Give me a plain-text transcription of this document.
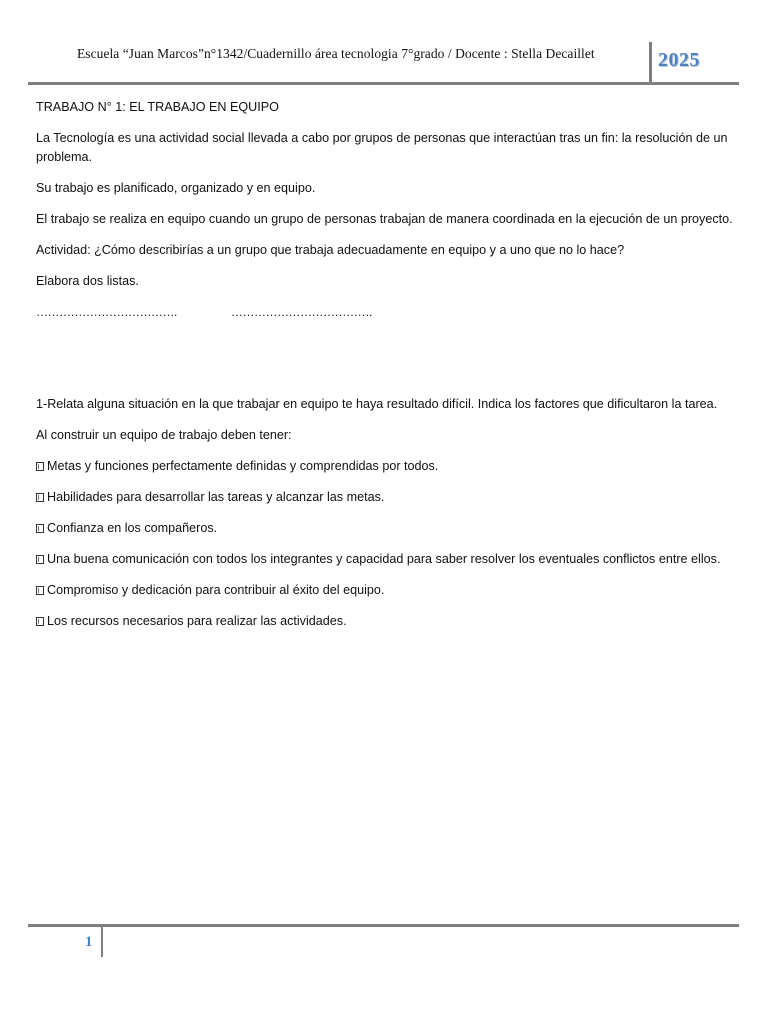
Escuela “Juan Marcos”n°1342/Cuadernillo área tecnologia 7°grado / Docente : Stella Decaillet	2025

TRABAJO N° 1: EL TRABAJO EN EQUIPO

La Tecnología es una actividad social llevada a cabo por grupos de personas que interactúan tras un fin: la resolución de un problema.

Su trabajo es planificado, organizado y en equipo.

El trabajo se realiza en equipo cuando un grupo de personas trabajan de manera coordinada en la ejecución de un proyecto.

Actividad: ¿Cómo describirías a un grupo que trabaja adecuadamente en equipo y a uno que no lo hace?

Elabora dos listas.

……………………………….	……………………………….

1-Relata alguna situación en la que trabajar en equipo te haya resultado difícil. Indica los factores que dificultaron la tarea.

Al construir un equipo de trabajo deben tener:

Metas y funciones perfectamente definidas y comprendidas por todos.

Habilidades para desarrollar las tareas y alcanzar las metas.

Confianza en los compañeros.

Una buena comunicación con todos los integrantes y capacidad para saber resolver los eventuales conflictos entre ellos.

Compromiso y dedicación para contribuir al éxito del equipo.

Los recursos necesarios para realizar las actividades.

1
